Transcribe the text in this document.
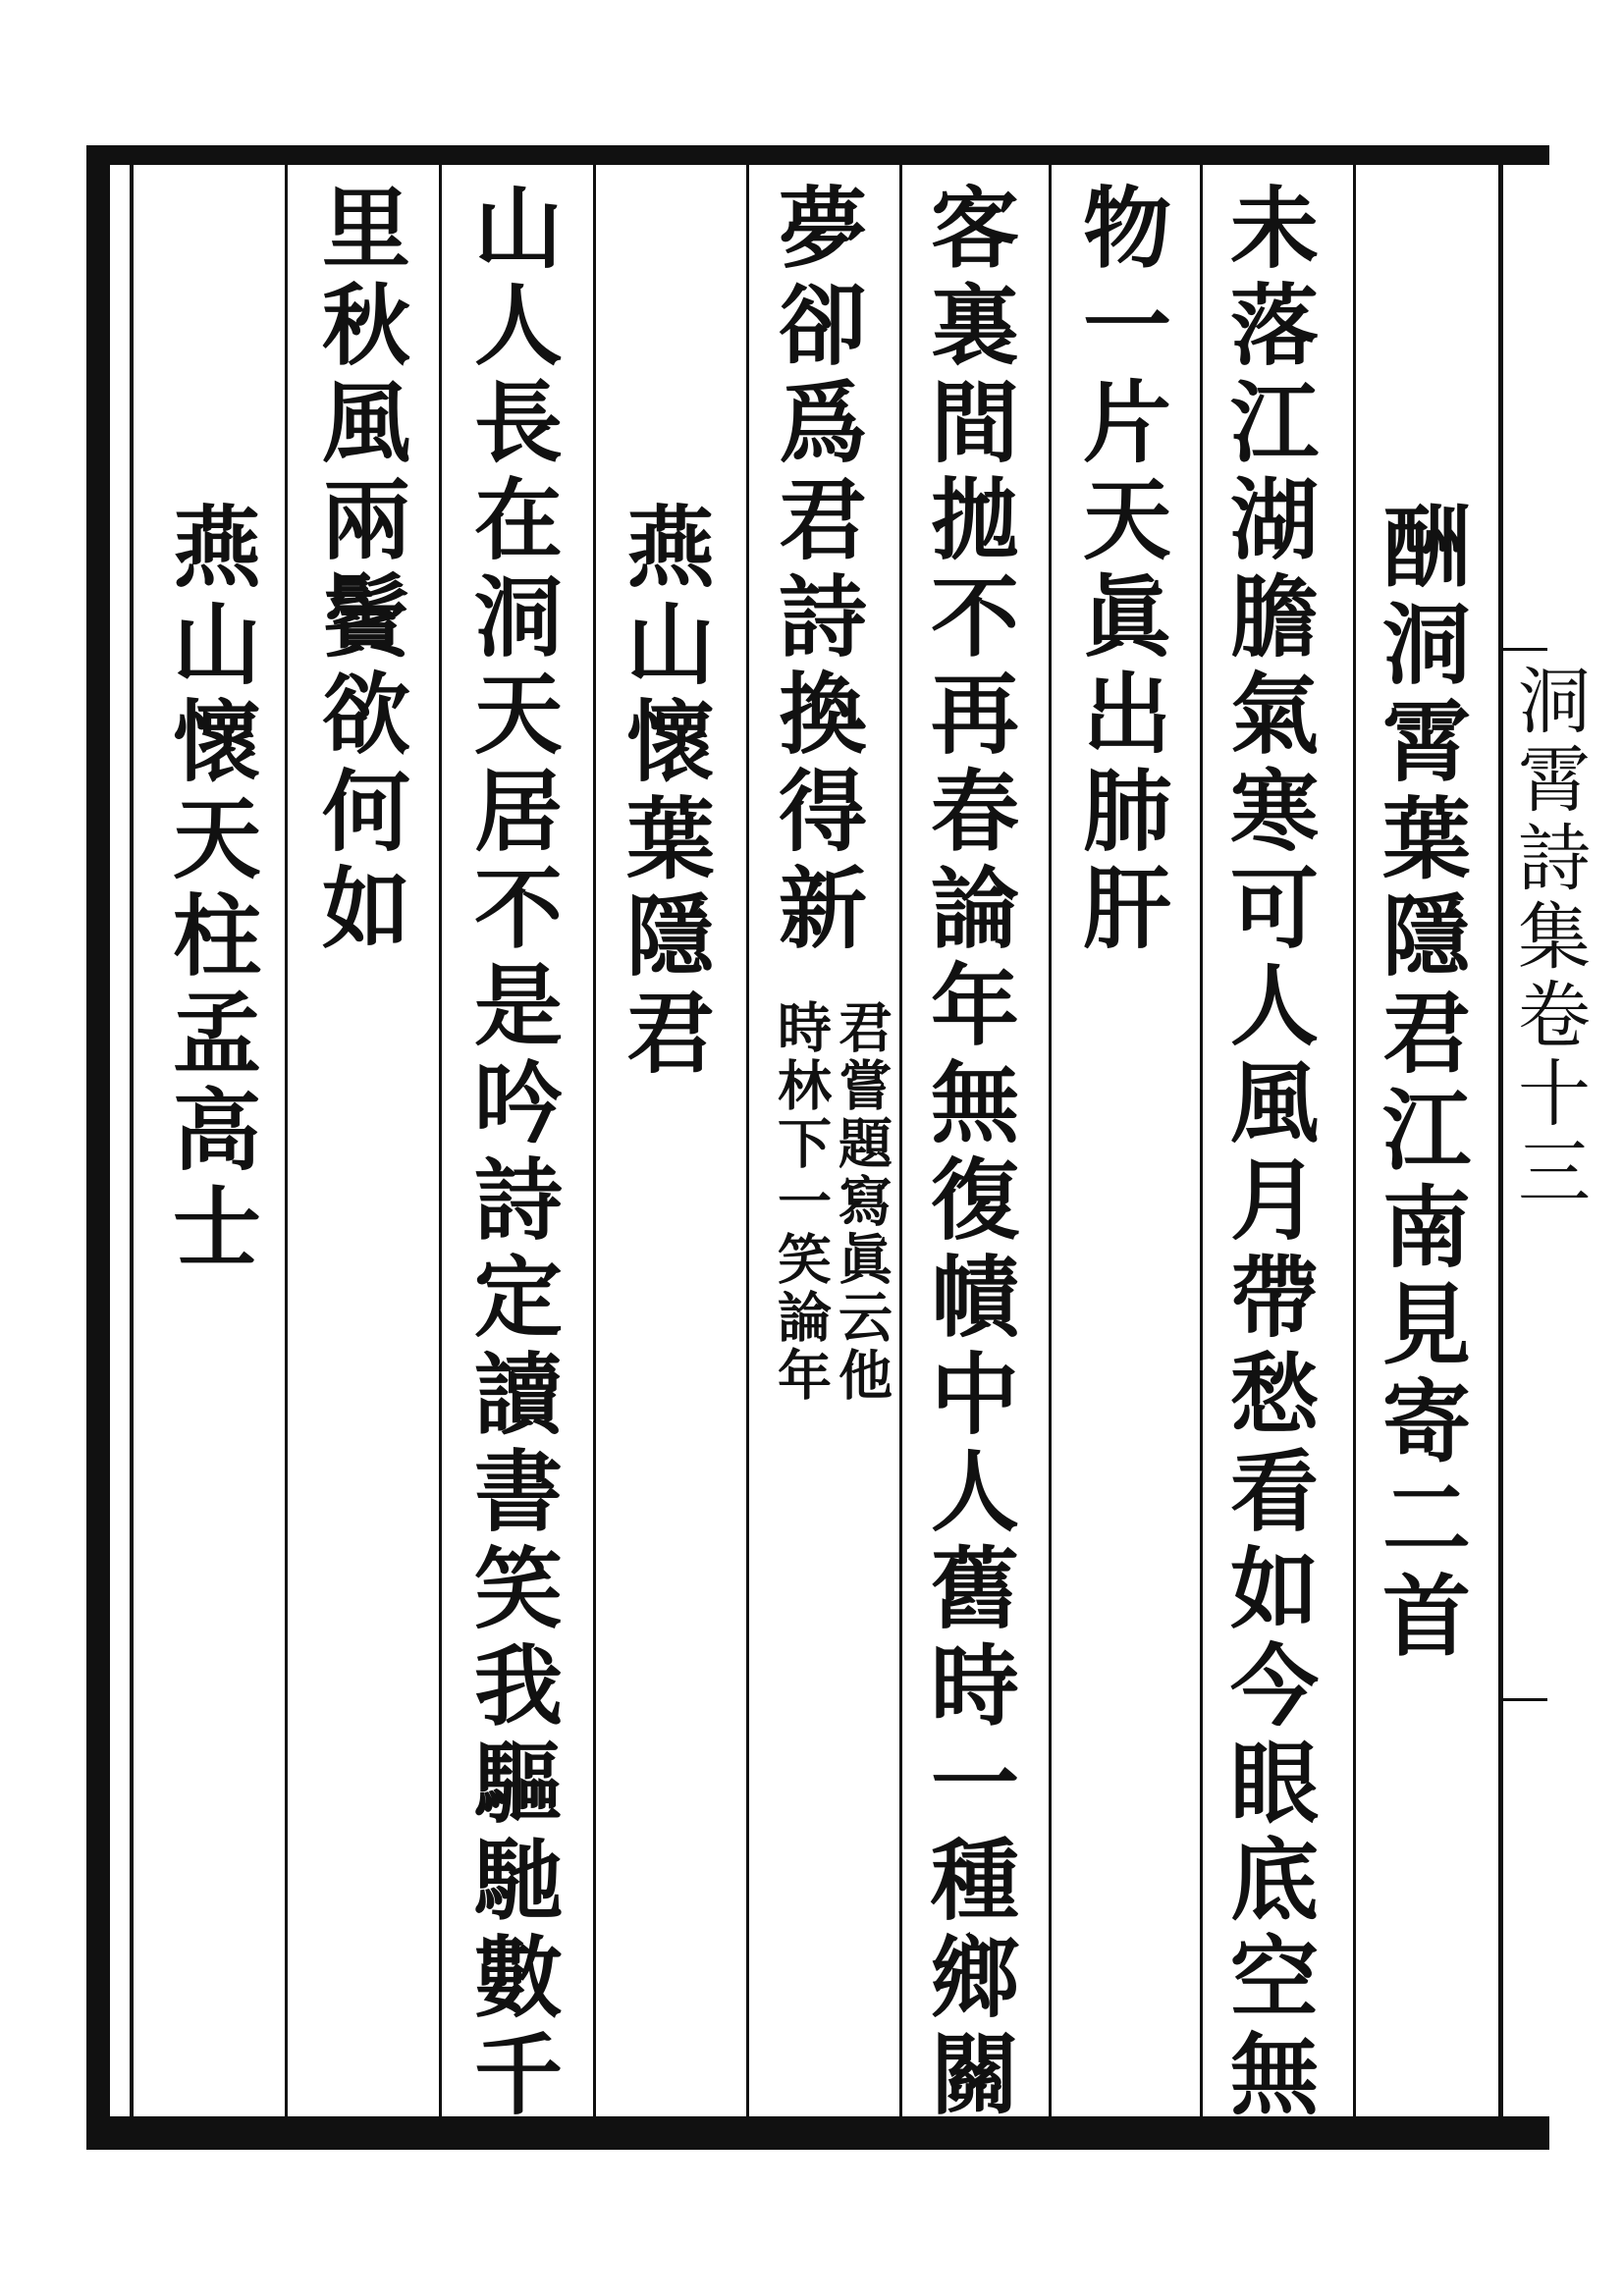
洞霄詩集卷十三
酬洞霄葉隱君江南見寄二首
未落江湖膽氣寒可人風月帶愁看如今眼底空無
物一片天眞出肺肝
客裏間拋不再春論年無復幘中人舊時一種鄉關
夢卻爲君詩換得新
君嘗題寫眞云他
時林下一笑論年
燕山懷葉隱君
山人長在洞天居不是吟詩定讀書笑我驅馳數千
里秋風兩鬢欲何如
燕山懷天柱孟高士
